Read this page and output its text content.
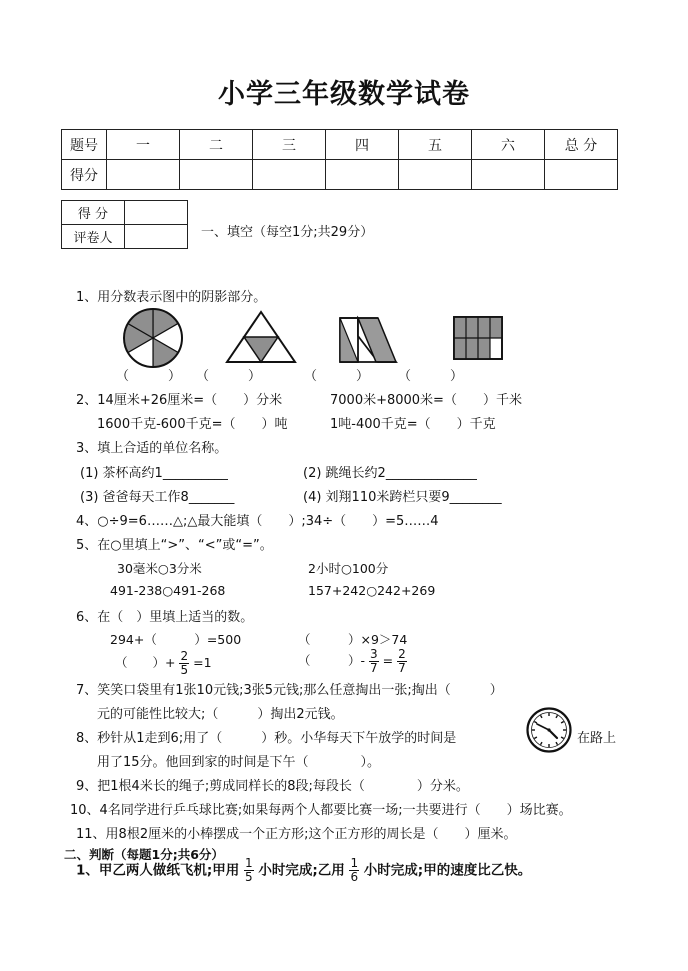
小学三年级数学试卷
题号	一	二	三	四	五	六	总 分
得分							
得 分	
评卷人		一、填空（每空1分;共29分）
1、用分数表示图中的阴影部分。
（　　　） （　　　）	（　　　） （　　　）
2、14厘米+26厘米=（　　）分米	7000米+8000米=（　　）千米
1600千克-600千克=（　　）吨	1吨-400千克=（　　）千克
3、填上合适的单位名称。
(1) 茶杯高约1__________	(2) 跳绳长约2______________
(3) 爸爸每天工作8_______	(4) 刘翔110米跨栏只要9________
4、○÷9=6……△;△最大能填（　　）;34÷（　　）=5……4
5、在○里填上“>”、“<”或“=”。
30毫米○3分米	2小时○100分
491-238○491-268	157+242○242+269
6、在（　）里填上适当的数。
294+（　　　）=500	（　　　）×9＞74
（　　）+ $\frac{2}{5} =1$	（　　　）- $\frac{3}{7} = \frac{2}{7}$
7、笑笑口袋里有1张10元钱;3张5元钱;那么任意掏出一张;掏出（　　　）
元的可能性比较大;（　　　）掏出2元钱。
8、秒针从1走到6;用了（　　　）秒。小华每天下午放学的时间是	在路上
用了15分。他回到家的时间是下午（　　　　）。
9、把1根4米长的绳子;剪成同样长的8段;每段长（　　　　）分米。
10、4名同学进行乒乓球比赛;如果每两个人都要比赛一场;一共要进行（　　）场比赛。
11、用8根2厘米的小棒摆成一个正方形;这个正方形的周长是（　　）厘米。
二、判断（每题1分;共6分）
1、甲乙两人做纸飞机;甲用 $\frac{1}{5}$ 小时完成;乙用 $\frac{1}{6}$ 小时完成;甲的速度比乙快。
